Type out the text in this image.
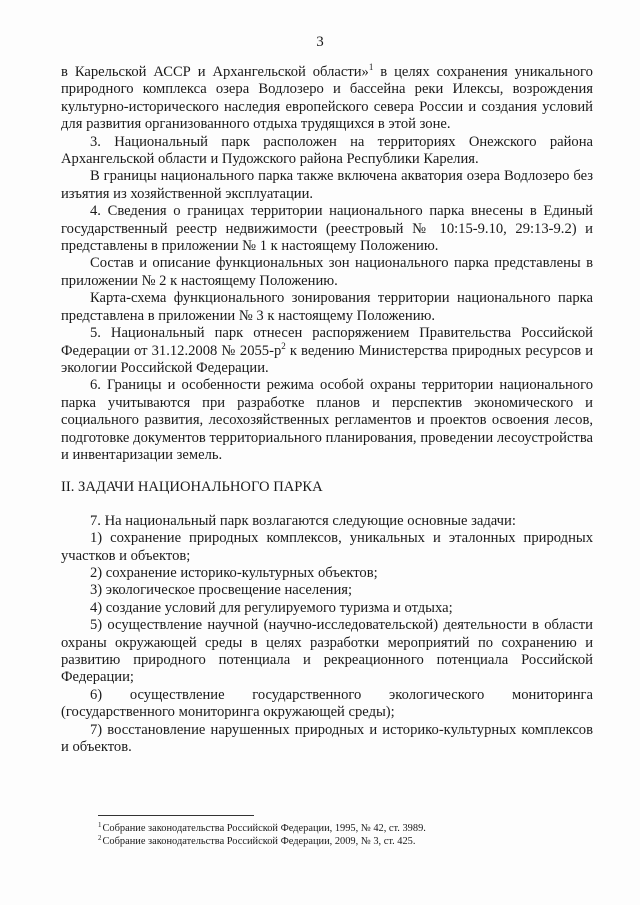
3

в Карельской АССР и Архангельской области»$^1$ в целях сохранения уникального природного комплекса озера Водлозеро и бассейна реки Илексы, возрождения культурно-исторического наследия европейского севера России и создания условий для развития организованного отдыха трудящихся в этой зоне.

3. Национальный парк расположен на территориях Онежского района Архангельской области и Пудожского района Республики Карелия.

В границы национального парка также включена акватория озера Водлозеро без изъятия из хозяйственной эксплуатации.

4. Сведения о границах территории национального парка внесены в Единый государственный реестр недвижимости (реестровый № 10:15-9.10, 29:13-9.2) и представлены в приложении № 1 к настоящему Положению.

Состав и описание функциональных зон национального парка представлены в приложении № 2 к настоящему Положению.

Карта-схема функционального зонирования территории национального парка представлена в приложении № 3 к настоящему Положению.

5. Национальный парк отнесен распоряжением Правительства Российской Федерации от 31.12.2008 № $2055-р^2$ к ведению Министерства природных ресурсов и экологии Российской Федерации.

6. Границы и особенности режима особой охраны территории национального парка учитываются при разработке планов и перспектив экономического и социального развития, лесохозяйственных регламентов и проектов освоения лесов, подготовке документов территориального планирования, проведении лесоустройства и инвентаризации земель.

II. ЗАДАЧИ НАЦИОНАЛЬНОГО ПАРКА

7. На национальный парк возлагаются следующие основные задачи:

1) сохранение природных комплексов, уникальных и эталонных природных участков и объектов;

2) сохранение историко-культурных объектов;

3) экологическое просвещение населения;

4) создание условий для регулируемого туризма и отдыха;

5) осуществление научной (научно-исследовательской) деятельности в области охраны окружающей среды в целях разработки мероприятий по сохранению и развитию природного потенциала и рекреационного потенциала Российской Федерации;

6) осуществление государственного экологического мониторинга (государственного мониторинга окружающей среды);

7) восстановление нарушенных природных и историко-культурных комплексов и объектов.

$^1$Собрание законодательства Российской Федерации, 1995, № 42, ст. 3989.
$^2$Собрание законодательства Российской Федерации, 2009, № 3, ст. 425.
